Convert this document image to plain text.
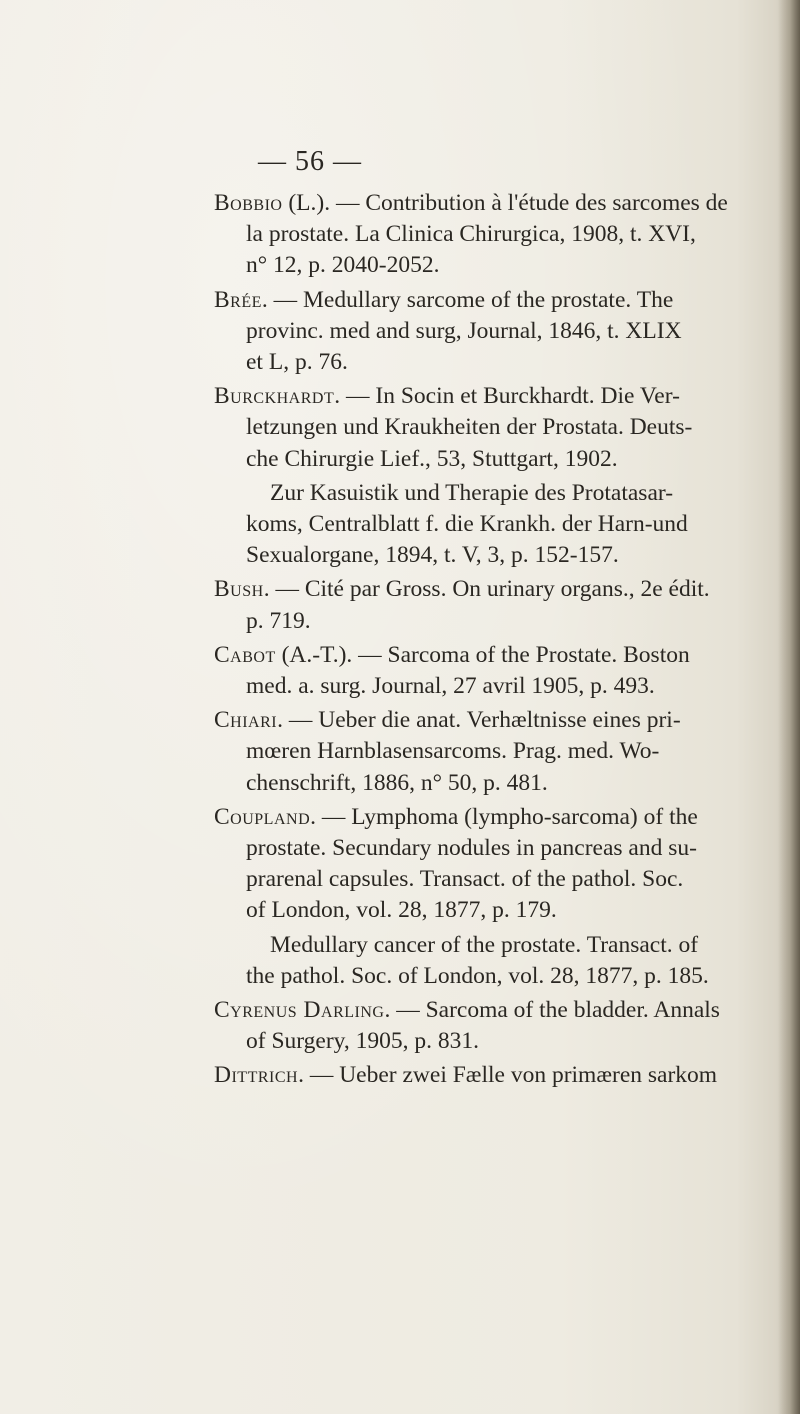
— 56 —
Bobbio (L.). — Contribution à l'étude des sarcomes de
la prostate. La Clinica Chirurgica, 1908, t. XVI,
n° 12, p. 2040-2052.
Brée. — Medullary sarcome of the prostate. The
provinc. med and surg, Journal, 1846, t. XLIX
et L, p. 76.
Burckhardt. — In Socin et Burckhardt. Die Ver-
letzungen und Kraukheiten der Prostata. Deuts-
che Chirurgie Lief., 53, Stuttgart, 1902.
Zur Kasuistik und Therapie des Protatasar-
koms, Centralblatt f. die Krankh. der Harn-und
Sexualorgane, 1894, t. V, 3, p. 152-157.
Bush. — Cité par Gross. On urinary organs., 2e édit.
p. 719.
Cabot (A.-T.). — Sarcoma of the Prostate. Boston
med. a. surg. Journal, 27 avril 1905, p. 493.
Chiari. — Ueber die anat. Verhæltnisse eines pri-
mœren Harnblasensarcoms. Prag. med. Wo-
chenschrift, 1886, n° 50, p. 481.
Coupland. — Lymphoma (lympho-sarcoma) of the
prostate. Secundary nodules in pancreas and su-
prarenal capsules. Transact. of the pathol. Soc.
of London, vol. 28, 1877, p. 179.
Medullary cancer of the prostate. Transact. of
the pathol. Soc. of London, vol. 28, 1877, p. 185.
Cyrenus Darling. — Sarcoma of the bladder. Annals
of Surgery, 1905, p. 831.
Dittrich. — Ueber zwei Fælle von primæren sarkom
